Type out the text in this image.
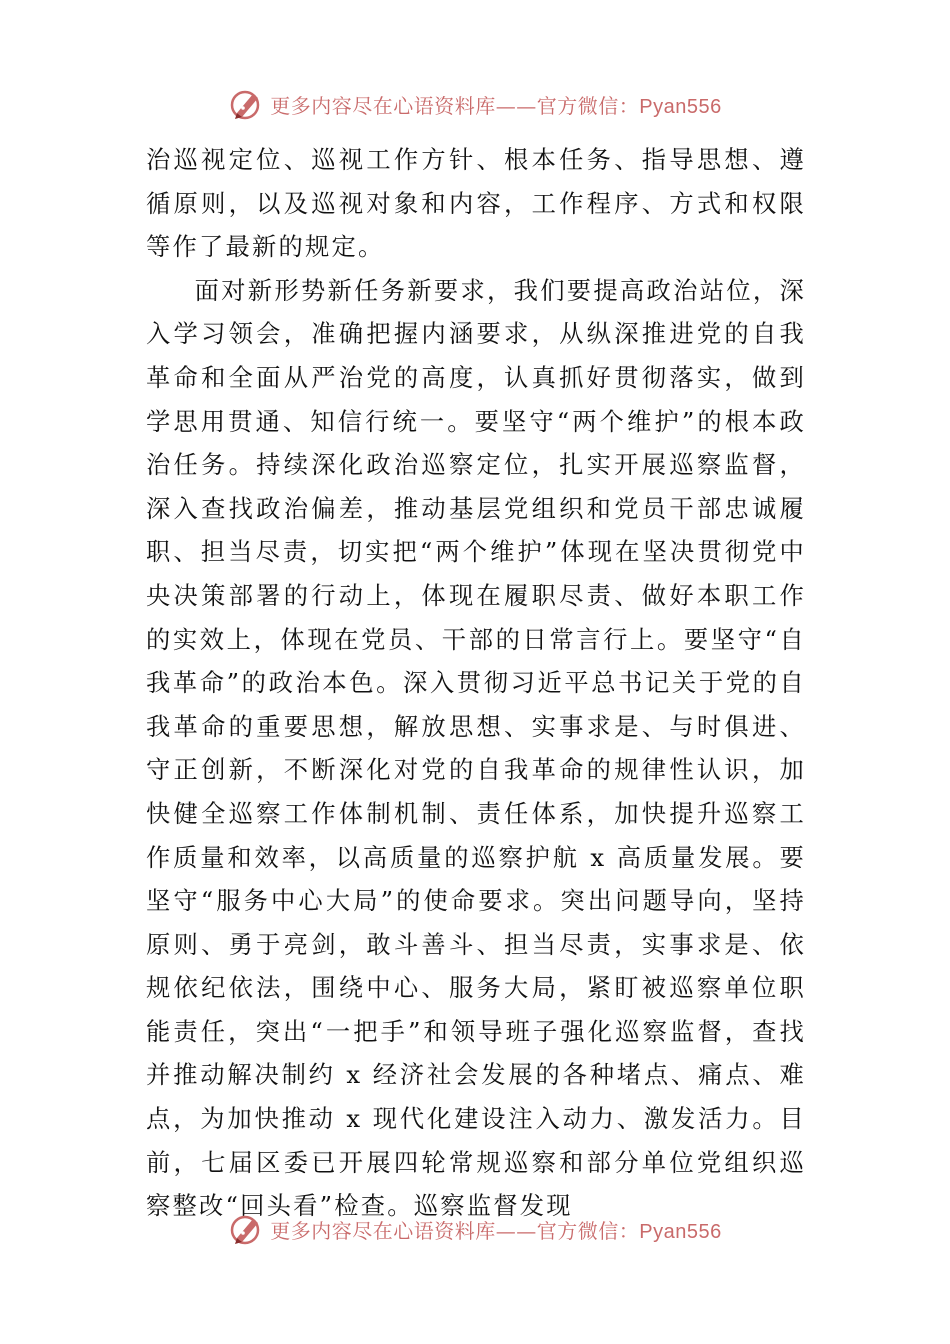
更多内容尽在心语资料库——官方微信：Pyan556

治巡视定位、巡视工作方针、根本任务、指导思想、遵循原则，以及巡视对象和内容，工作程序、方式和权限等作了最新的规定。

面对新形势新任务新要求，我们要提高政治站位，深入学习领会，准确把握内涵要求，从纵深推进党的自我革命和全面从严治党的高度，认真抓好贯彻落实，做到学思用贯通、知信行统一。要坚守“两个维护”的根本政治任务。持续深化政治巡察定位，扎实开展巡察监督，深入查找政治偏差，推动基层党组织和党员干部忠诚履职、担当尽责，切实把“两个维护”体现在坚决贯彻党中央决策部署的行动上，体现在履职尽责、做好本职工作的实效上，体现在党员、干部的日常言行上。要坚守“自我革命”的政治本色。深入贯彻习近平总书记关于党的自我革命的重要思想，解放思想、实事求是、与时俱进、守正创新，不断深化对党的自我革命的规律性认识，加快健全巡察工作体制机制、责任体系，加快提升巡察工作质量和效率，以高质量的巡察护航 x 高质量发展。要坚守“服务中心大局”的使命要求。突出问题导向，坚持原则、勇于亮剑，敢斗善斗、担当尽责，实事求是、依规依纪依法，围绕中心、服务大局，紧盯被巡察单位职能责任，突出“一把手”和领导班子强化巡察监督，查找并推动解决制约 x 经济社会发展的各种堵点、痛点、难点，为加快推动 x 现代化建设注入动力、激发活力。目前，七届区委已开展四轮常规巡察和部分单位党组织巡察整改“回头看”检查。巡察监督发现

更多内容尽在心语资料库——官方微信：Pyan556
